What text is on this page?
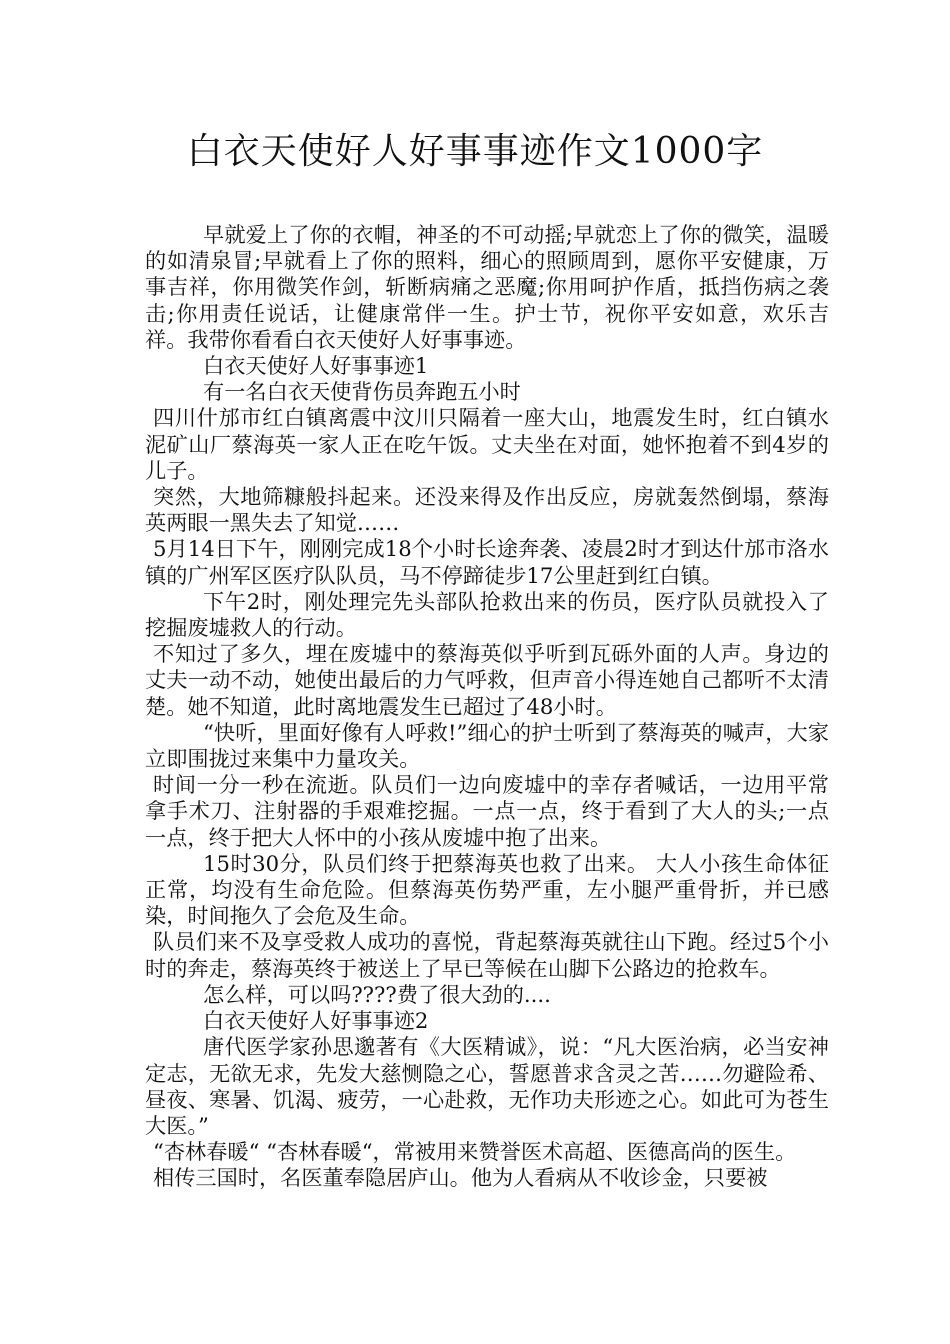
白衣天使好人好事事迹作文1000字

早就爱上了你的衣帽，神圣的不可动摇;早就恋上了你的微笑，温暖的如清泉冒;早就看上了你的照料，细心的照顾周到，愿你平安健康，万事吉祥，你用微笑作剑，斩断病痛之恶魔;你用呵护作盾，抵挡伤病之袭击;你用责任说话，让健康常伴一生。护士节，祝你平安如意，欢乐吉祥。我带你看看白衣天使好人好事事迹。

白衣天使好人好事事迹1

有一名白衣天使背伤员奔跑五小时

四川什邡市红白镇离震中汶川只隔着一座大山，地震发生时，红白镇水泥矿山厂蔡海英一家人正在吃午饭。丈夫坐在对面，她怀抱着不到4岁的儿子。

突然，大地筛糠般抖起来。还没来得及作出反应，房就轰然倒塌，蔡海英两眼一黑失去了知觉……

5月14日下午，刚刚完成18个小时长途奔袭、凌晨2时才到达什邡市洛水镇的广州军区医疗队队员，马不停蹄徒步17公里赶到红白镇。

下午2时，刚处理完先头部队抢救出来的伤员，医疗队员就投入了挖掘废墟救人的行动。

不知过了多久，埋在废墟中的蔡海英似乎听到瓦砾外面的人声。身边的丈夫一动不动，她使出最后的力气呼救，但声音小得连她自己都听不太清楚。她不知道，此时离地震发生已超过了48小时。

“快听，里面好像有人呼救!”细心的护士听到了蔡海英的喊声，大家立即围拢过来集中力量攻关。

时间一分一秒在流逝。队员们一边向废墟中的幸存者喊话，一边用平常拿手术刀、注射器的手艰难挖掘。一点一点，终于看到了大人的头;一点一点，终于把大人怀中的小孩从废墟中抱了出来。

15时30分，队员们终于把蔡海英也救了出来。 大人小孩生命体征正常，均没有生命危险。但蔡海英伤势严重，左小腿严重骨折，并已感染，时间拖久了会危及生命。

队员们来不及享受救人成功的喜悦，背起蔡海英就往山下跑。经过5个小时的奔走，蔡海英终于被送上了早已等候在山脚下公路边的抢救车。

怎么样，可以吗????费了很大劲的....

白衣天使好人好事事迹2

唐代医学家孙思邈著有《大医精诚》，说：“凡大医治病，必当安神定志，无欲无求，先发大慈恻隐之心，誓愿普求含灵之苦……勿避险希、昼夜、寒暑、饥渴、疲劳，一心赴救，无作功夫形迹之心。如此可为苍生大医。”

“杏林春暖“ “杏林春暖“，常被用来赞誉医术高超、医德高尚的医生。

相传三国时，名医董奉隐居庐山。他为人看病从不收诊金，只要被
